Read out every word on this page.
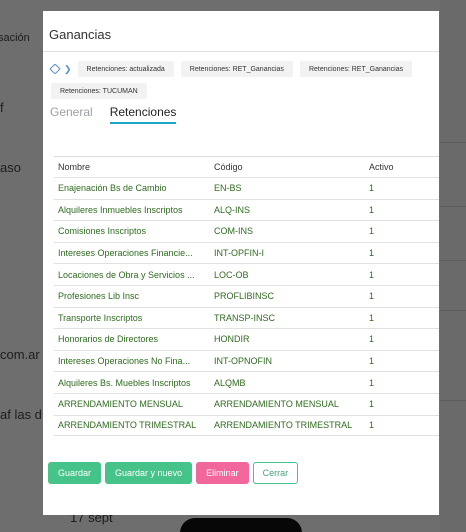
Ganancias
❯	Retenciones: actualizada	Retenciones: RET_Ganancias	Retenciones: RET_Ganancias
Retenciones: TUCUMAN
General Retenciones
Nombre	Código	Activo
Enajenación Bs de Cambio	EN-BS	1
Alquileres Inmuebles Inscriptos	ALQ-INS	1
Comisiones Inscriptos	COM-INS	1
Intereses Operaciones Financie...	INT-OPFIN-I	1
Locaciones de Obra y Servicios ...	LOC-OB	1
Profesiones Lib Insc	PROFLIBINSC	1
Transporte Inscriptos	TRANSP-INSC	1
Honorarios de Directores	HONDIR	1
Intereses Operaciones No Fina...	INT-OPNOFIN	1
Alquileres Bs. Muebles Inscriptos	ALQMB	1
ARRENDAMIENTO MENSUAL	ARRENDAMIENTO MENSUAL	1
ARRENDAMIENTO TRIMESTRAL	ARRENDAMIENTO TRIMESTRAL	1
Guardar	Guardar y nuevo	Eliminar	Cerrar
